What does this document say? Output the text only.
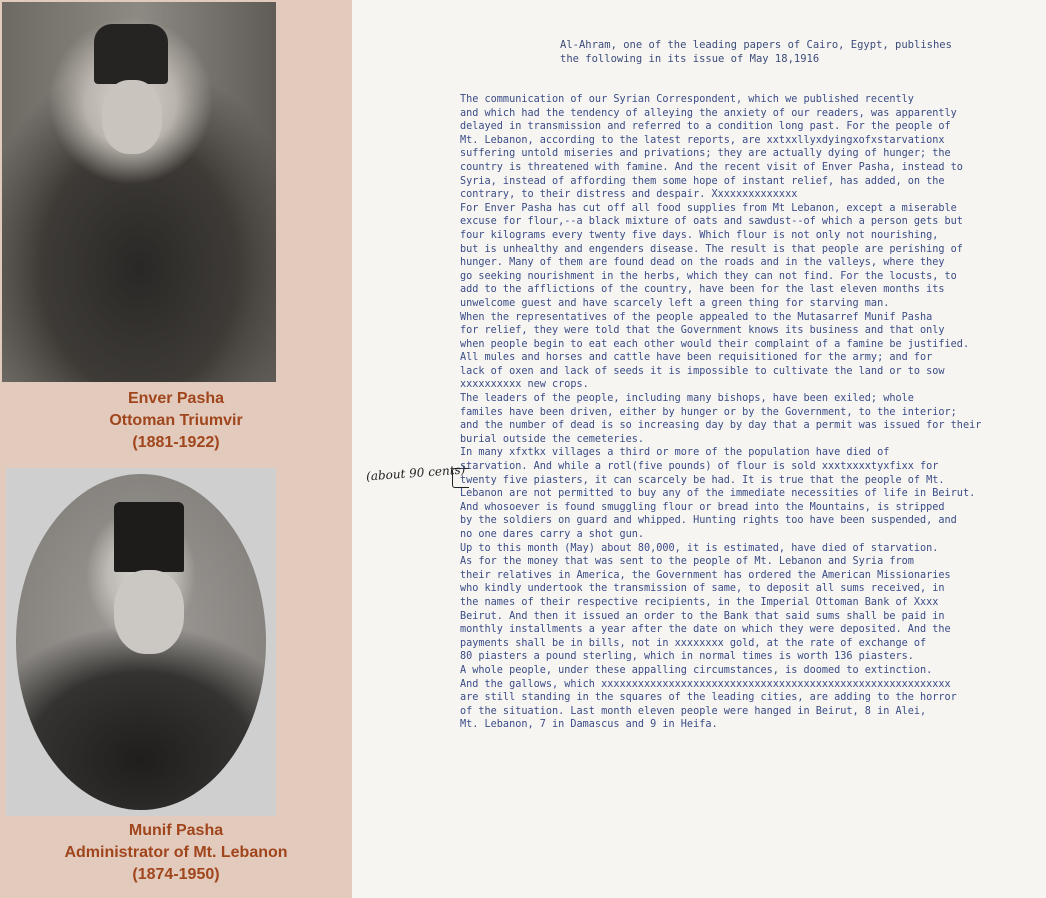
Enver Pasha
Ottoman Triumvir
(1881-1922)
Munif Pasha
Administrator of Mt. Lebanon
(1874-1950)
Al-Ahram, one of the leading papers of Cairo, Egypt, publishes
the following in its issue of May 18,1916
(about 90 cents)
The communication of our Syrian Correspondent, which we published recently
and which had the tendency of alleying the anxiety of our readers, was apparently
delayed in transmission and referred to a condition long past. For the people of
Mt. Lebanon, according to the latest reports, are xxtxxllyxdyingxofxstarvationx
suffering untold miseries and privations; they are actually dying of hunger; the
country is threatened with famine. And the recent visit of Enver Pasha, instead to
Syria, instead of affording them some hope of instant relief, has added, on the
contrary, to their distress and despair. Xxxxxxxxxxxxxx
For Enver Pasha has cut off all food supplies from Mt Lebanon, except a miserable
excuse for flour,--a black mixture of oats and sawdust--of which a person gets but
four kilograms every twenty five days. Which flour is not only not nourishing,
but is unhealthy and engenders disease. The result is that people are perishing of
hunger. Many of them are found dead on the roads and in the valleys, where they
go seeking nourishment in the herbs, which they can not find. For the locusts, to
add to the afflictions of the country, have been for the last eleven months its
unwelcome guest and have scarcely left a green thing for starving man.
When the representatives of the people appealed to the Mutasarref Munif Pasha
for relief, they were told that the Government knows its business and that only
when people begin to eat each other would their complaint of a famine be justified.
All mules and horses and cattle have been requisitioned for the army; and for
lack of oxen and lack of seeds it is impossible to cultivate the land or to sow
xxxxxxxxxx new crops.
The leaders of the people, including many bishops, have been exiled; whole
familes have been driven, either by hunger or by the Government, to the interior;
and the number of dead is so increasing day by day that a permit was issued for their
burial outside the cemeteries.
In many xfxtkx villages a third or more of the population have died of
starvation. And while a rotl(five pounds) of flour is sold xxxtxxxxtyxfixx for
twenty five piasters, it can scarcely be had. It is true that the people of Mt.
Lebanon are not permitted to buy any of the immediate necessities of life in Beirut.
And whosoever is found smuggling flour or bread into the Mountains, is stripped
by the soldiers on guard and whipped. Hunting rights too have been suspended, and
no one dares carry a shot gun.
Up to this month (May) about 80,000, it is estimated, have died of starvation.
As for the money that was sent to the people of Mt. Lebanon and Syria from
their relatives in America, the Government has ordered the American Missionaries
who kindly undertook the transmission of same, to deposit all sums received, in
the names of their respective recipients, in the Imperial Ottoman Bank of Xxxx
Beirut. And then it issued an order to the Bank that said sums shall be paid in
monthly installments a year after the date on which they were deposited. And the
payments shall be in bills, not in xxxxxxxx gold, at the rate of exchange of
80 piasters a pound sterling, which in normal times is worth 136 piasters.
A whole people, under these appalling circumstances, is doomed to extinction.
And the gallows, which xxxxxxxxxxxxxxxxxxxxxxxxxxxxxxxxxxxxxxxxxxxxxxxxxxxxxxxxx
are still standing in the squares of the leading cities, are adding to the horror
of the situation. Last month eleven people were hanged in Beirut, 8 in Alei,
Mt. Lebanon, 7 in Damascus and 9 in Heifa.
